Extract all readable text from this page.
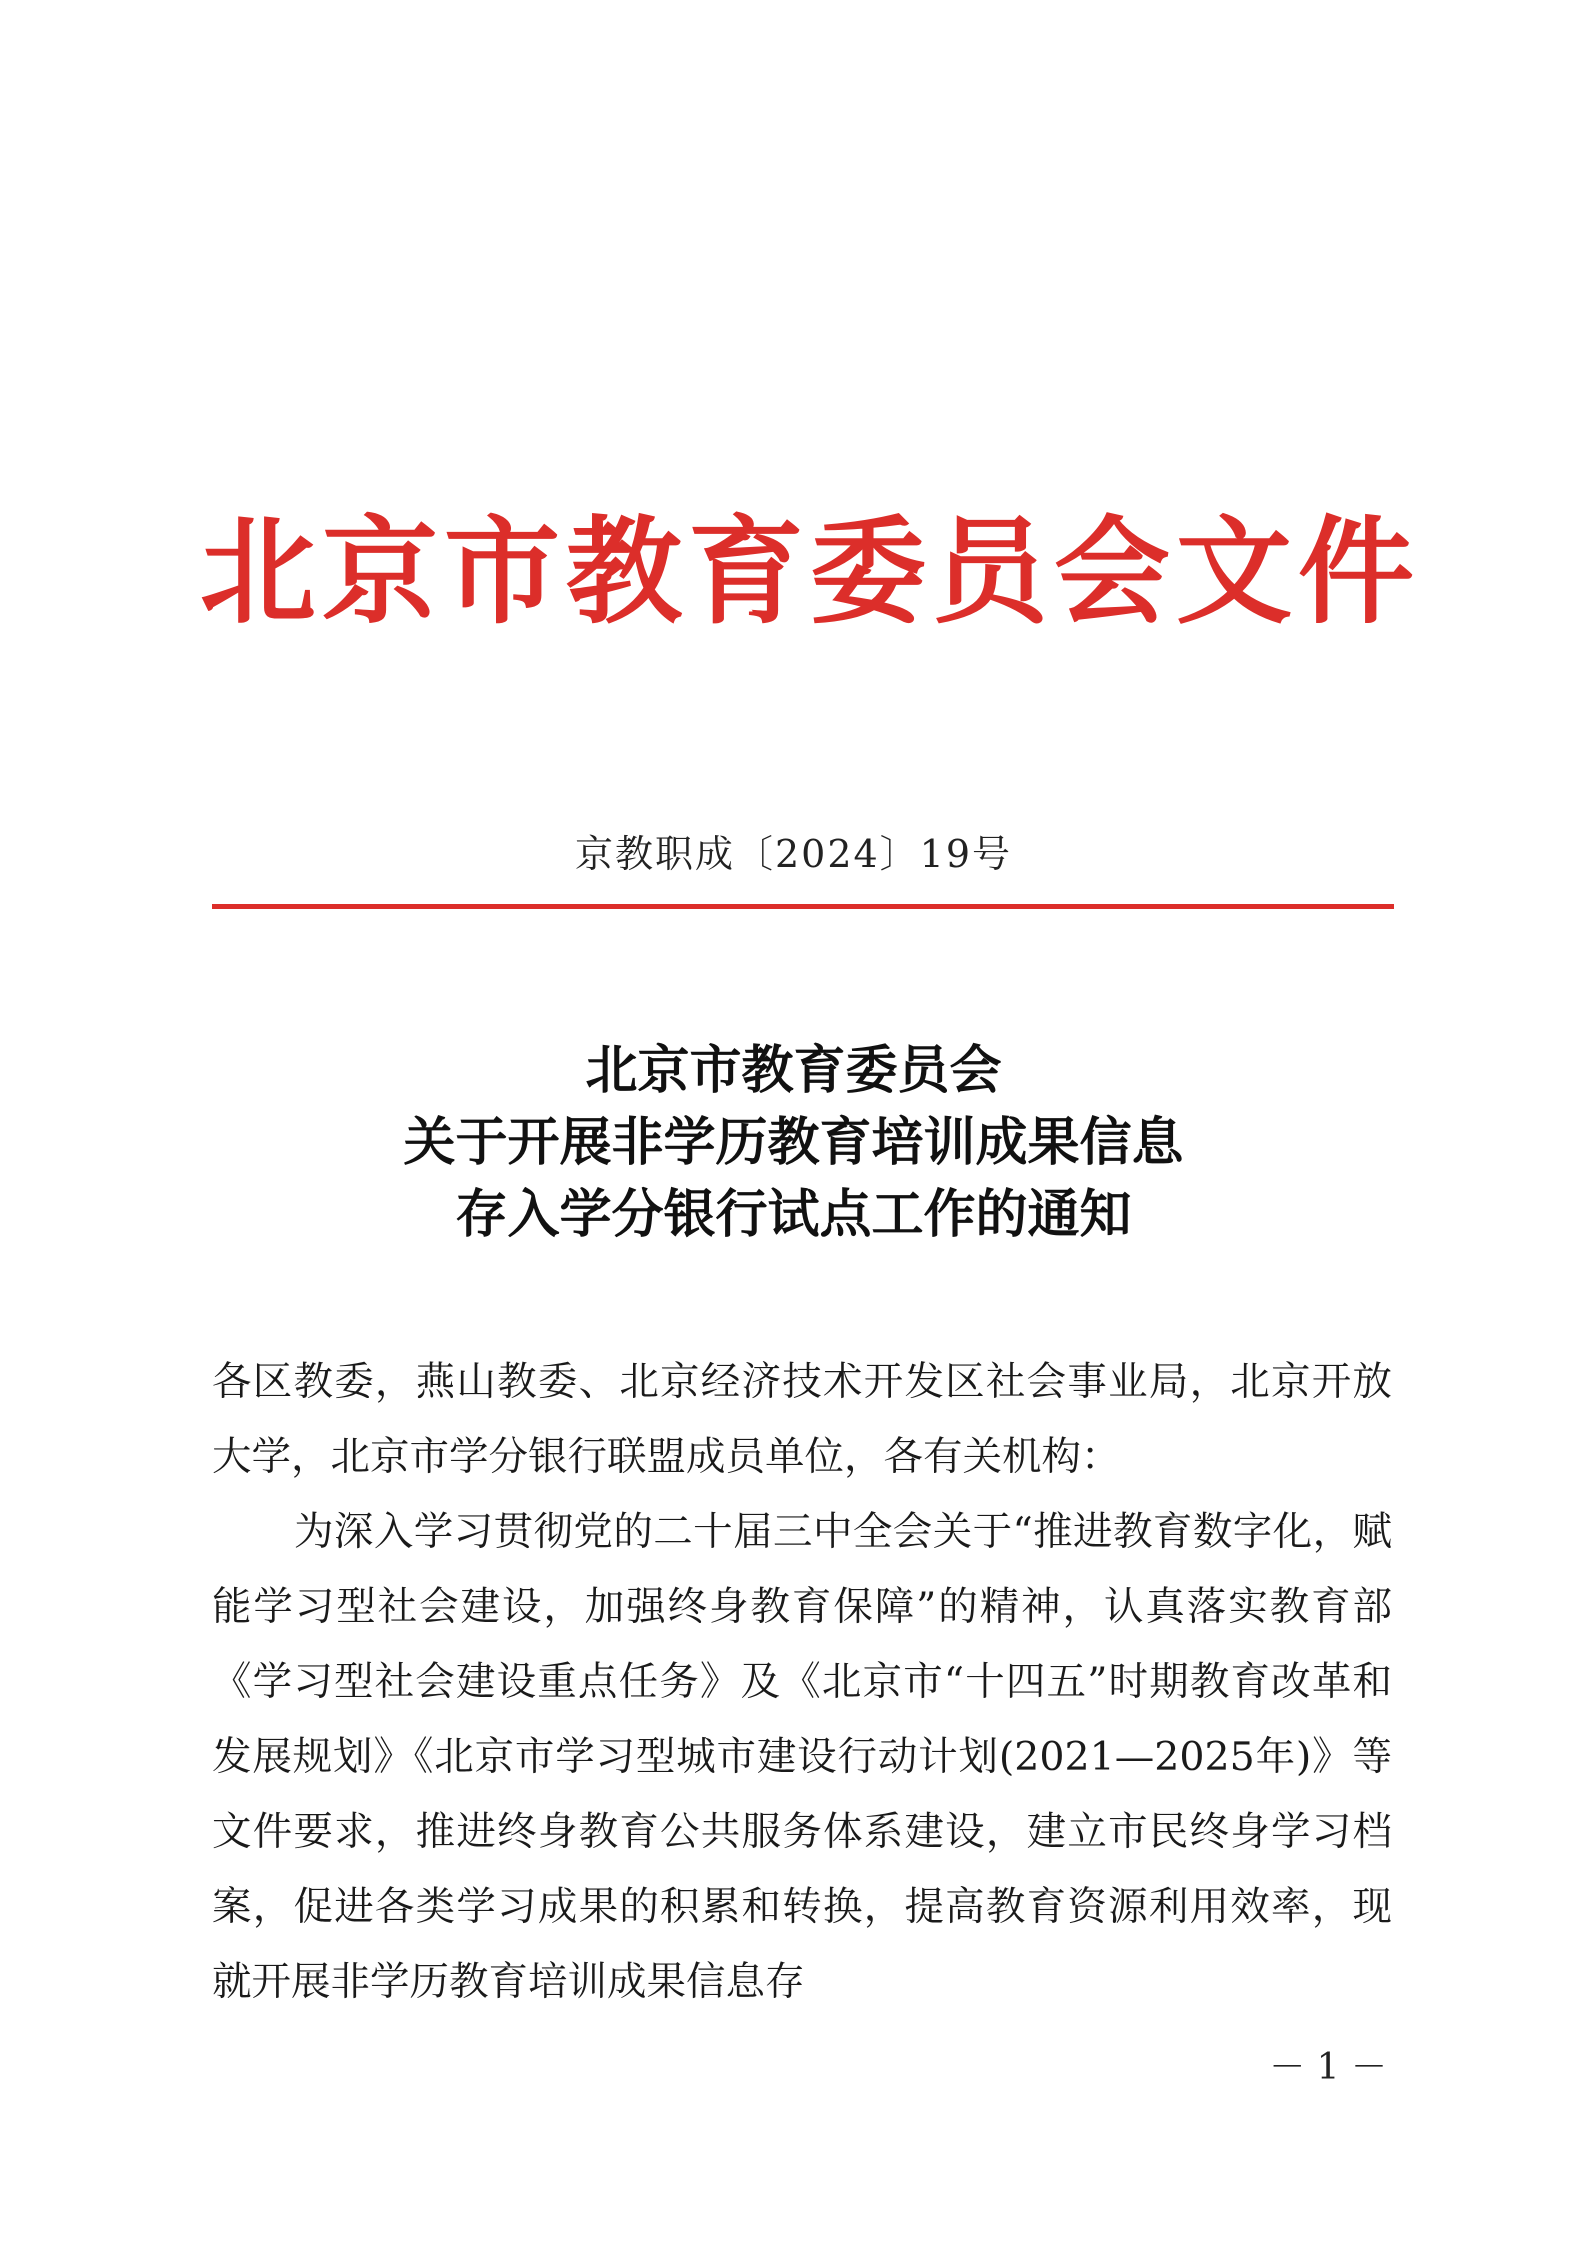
北京市教育委员会文件
京教职成〔2024〕19号
北京市教育委员会
关于开展非学历教育培训成果信息
存入学分银行试点工作的通知

各区教委，燕山教委、北京经济技术开发区社会事业局，北京开放大学，北京市学分银行联盟成员单位，各有关机构：

为深入学习贯彻党的二十届三中全会关于“推进教育数字化，赋能学习型社会建设，加强终身教育保障”的精神，认真落实教育部《学习型社会建设重点任务》及《北京市“十四五”时期教育改革和发展规划》《北京市学习型城市建设行动计划(2021—2025年)》等文件要求，推进终身教育公共服务体系建设，建立市民终身学习档案，促进各类学习成果的积累和转换，提高教育资源利用效率，现就开展非学历教育培训成果信息存

－ 1 －
